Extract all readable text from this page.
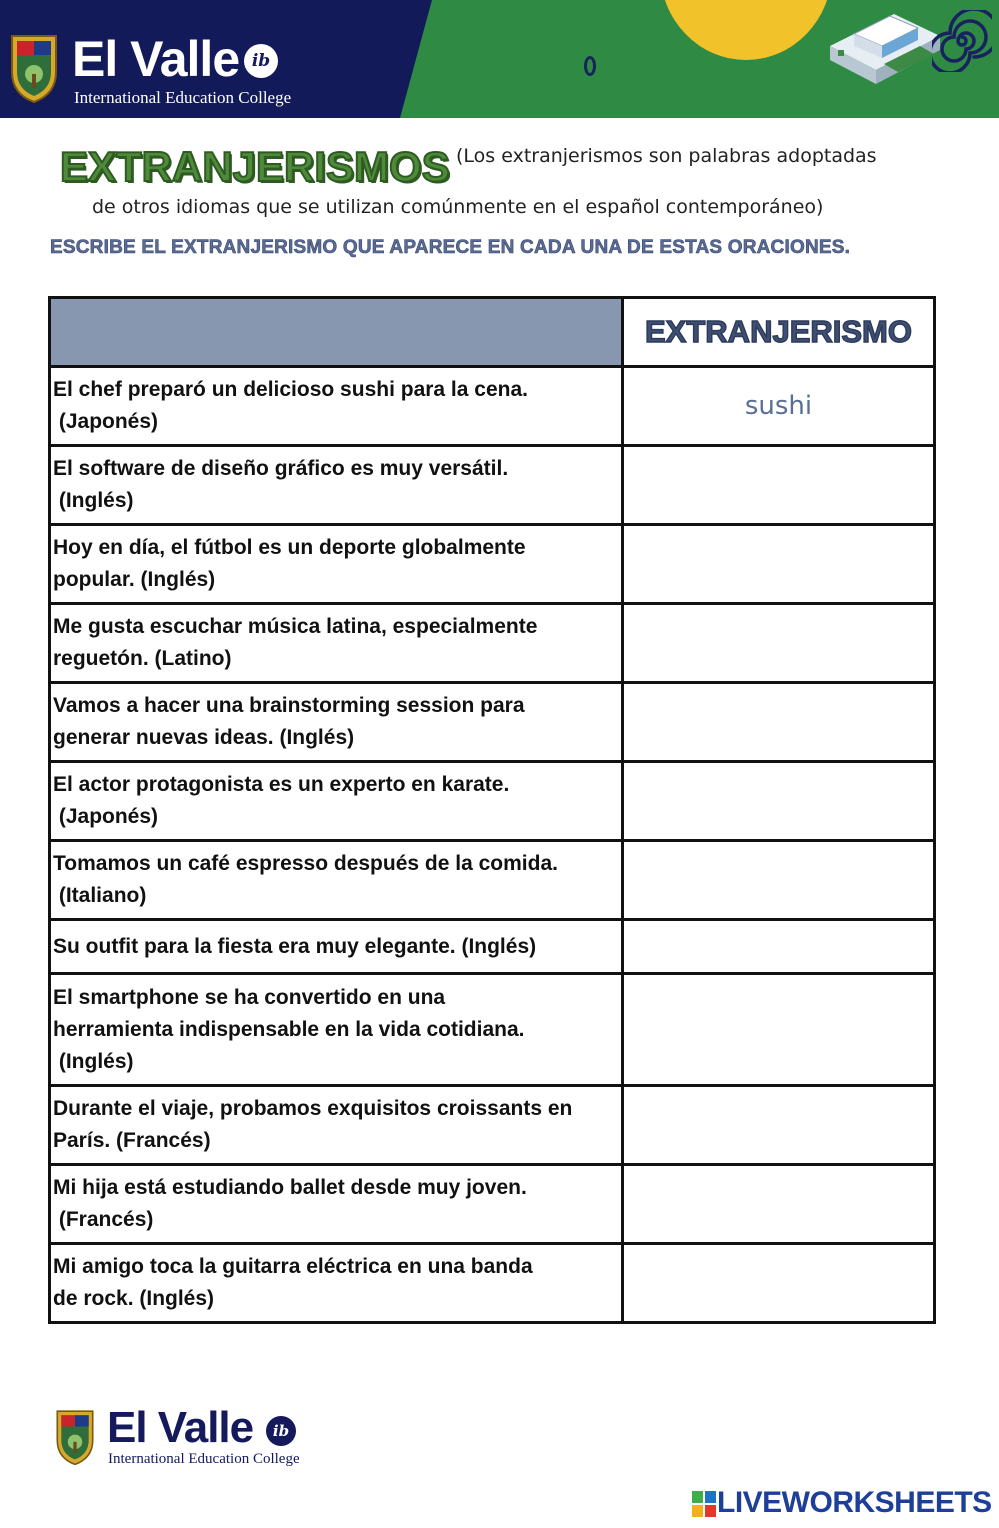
El Valle ib
International Education College
EXTRANJERISMOS (Los extranjerismos son palabras adoptadas
de otros idiomas que se utilizan comúnmente en el español contemporáneo)
ESCRIBE EL EXTRANJERISMO QUE APARECE EN CADA UNA DE ESTAS ORACIONES.
	EXTRANJERISMO
El chef preparó un delicioso sushi para la cena.
(Japonés)	sushi
El software de diseño gráfico es muy versátil.
(Inglés)	
Hoy en día, el fútbol es un deporte globalmente
popular. (Inglés)	
Me gusta escuchar música latina, especialmente
reguetón. (Latino)	
Vamos a hacer una brainstorming session para
generar nuevas ideas. (Inglés)	
El actor protagonista es un experto en karate.
(Japonés)	
Tomamos un café espresso después de la comida.
(Italiano)	
Su outfit para la fiesta era muy elegante. (Inglés)	
El smartphone se ha convertido en una
herramienta indispensable en la vida cotidiana.
(Inglés)	
Durante el viaje, probamos exquisitos croissants en
París. (Francés)	
Mi hija está estudiando ballet desde muy joven.
(Francés)	
Mi amigo toca la guitarra eléctrica en una banda
de rock. (Inglés)	
El Valle	ib
International Education College
LIVEWORKSHEETS
